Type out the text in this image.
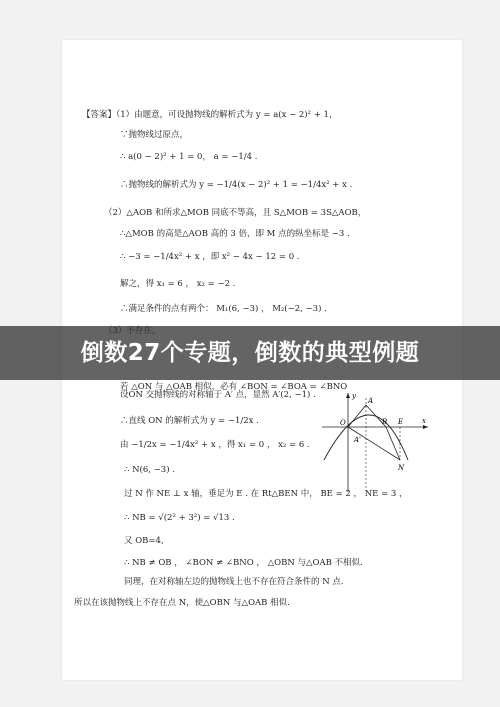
【答案】（1）由题意，可设抛物线的解析式为 y = a(x − 2)² + 1，
∵抛物线过原点，
∴ a(0 − 2)² + 1 = 0， a = −1/4 .
∴抛物线的解析式为 y = −1/4(x − 2)² + 1 = −1/4x² + x .
（2）△AOB 和所求△MOB 同底不等高，且 S△MOB = 3S△AOB，
∴△MOB 的高是△AOB 高的 3 倍，即 M 点的纵坐标是 −3 .
∴ −3 = −1/4x² + x ，即 x² − 4x − 12 = 0 .
解之，得 x₁ = 6 ， x₂ = −2 .
∴满足条件的点有两个： M₁(6, −3) ， M₂(−2, −3) .
若 △ON 与 △OAB 相似，必有 ∠BON = ∠BOA = ∠BNO
设ON 交抛物线的对称轴于 A′ 点，显然 A′(2, −1) .
∴直线 ON 的解析式为 y = −1/2x .
由 −1/2x = −1/4x² + x ，得 x₁ = 0 ， x₂ = 6 .
∴ N(6, −3) .
过 N 作 NE ⊥ x 轴，垂足为 E . 在 Rt△BEN 中， BE = 2 ， NE = 3 ，
∴ NB = √(2² + 3²) = √13 .
又 OB=4,
∴ NB ≠ OB ， ∠BON ≠ ∠BNO ， △OBN 与△OAB 不相似.
同理，在对称轴左边的抛物线上也不存在符合条件的 N 点.
所以在该抛物线上不存在点 N，使△OBN 与△OAB 相似.
y
O	B E
A
x
A'
N
倒数27个专题，倒数的典型例题
